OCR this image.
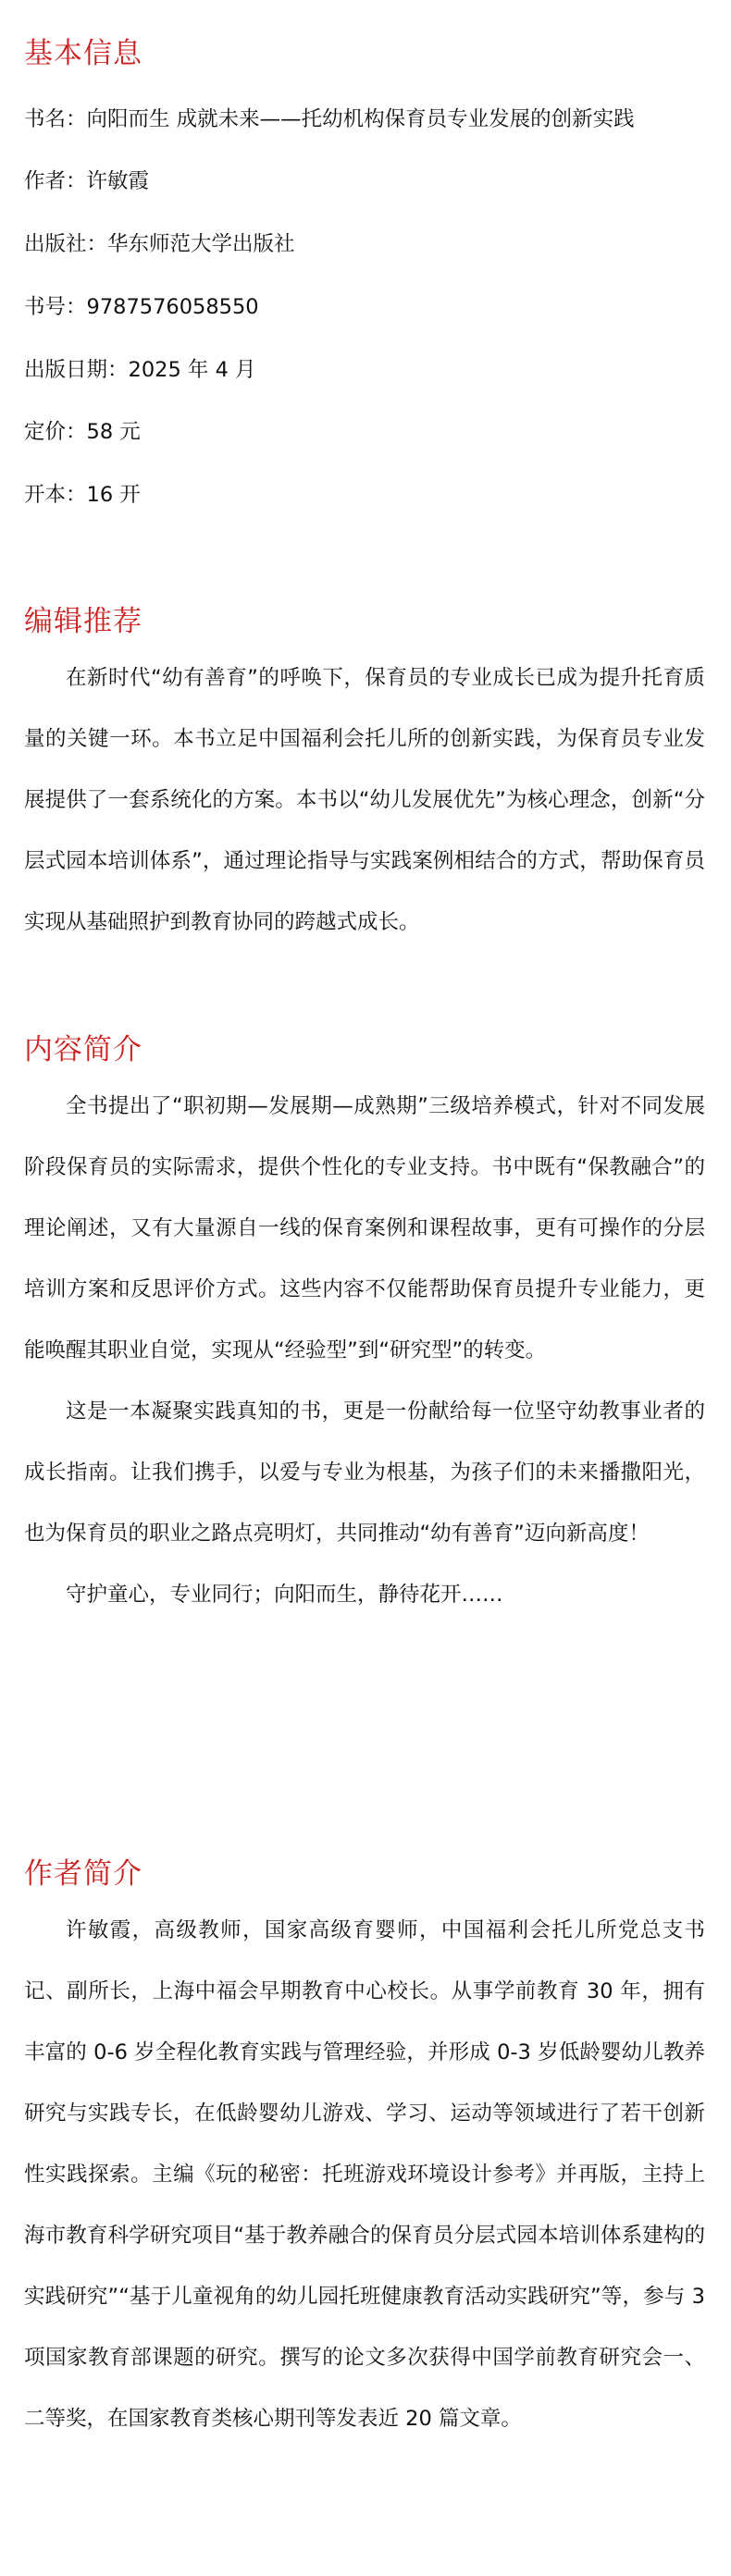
基本信息

书名：向阳而生 成就未来——托幼机构保育员专业发展的创新实践

作者：许敏霞

出版社：华东师范大学出版社

书号：9787576058550

出版日期：2025 年 4 月

定价：58 元

开本：16 开

编辑推荐

在新时代“幼有善育”的呼唤下，保育员的专业成长已成为提升托育质量的关键一环。本书立足中国福利会托儿所的创新实践，为保育员专业发展提供了一套系统化的方案。本书以“幼儿发展优先”为核心理念，创新“分层式园本培训体系”，通过理论指导与实践案例相结合的方式，帮助保育员实现从基础照护到教育协同的跨越式成长。

内容简介

全书提出了“职初期—发展期—成熟期”三级培养模式，针对不同发展阶段保育员的实际需求，提供个性化的专业支持。书中既有“保教融合”的理论阐述，又有大量源自一线的保育案例和课程故事，更有可操作的分层培训方案和反思评价方式。这些内容不仅能帮助保育员提升专业能力，更能唤醒其职业自觉，实现从“经验型”到“研究型”的转变。

这是一本凝聚实践真知的书，更是一份献给每一位坚守幼教事业者的成长指南。让我们携手，以爱与专业为根基，为孩子们的未来播撒阳光，也为保育员的职业之路点亮明灯，共同推动“幼有善育”迈向新高度！

守护童心，专业同行；向阳而生，静待花开……

作者简介

许敏霞，高级教师，国家高级育婴师，中国福利会托儿所党总支书记、副所长，上海中福会早期教育中心校长。从事学前教育 30 年，拥有丰富的 0-6 岁全程化教育实践与管理经验，并形成 0-3 岁低龄婴幼儿教养研究与实践专长，在低龄婴幼儿游戏、学习、运动等领域进行了若干创新性实践探索。主编《玩的秘密：托班游戏环境设计参考》并再版，主持上海市教育科学研究项目“基于教养融合的保育员分层式园本培训体系建构的实践研究”“基于儿童视角的幼儿园托班健康教育活动实践研究”等，参与 3 项国家教育部课题的研究。撰写的论文多次获得中国学前教育研究会一、二等奖，在国家教育类核心期刊等发表近 20 篇文章。
